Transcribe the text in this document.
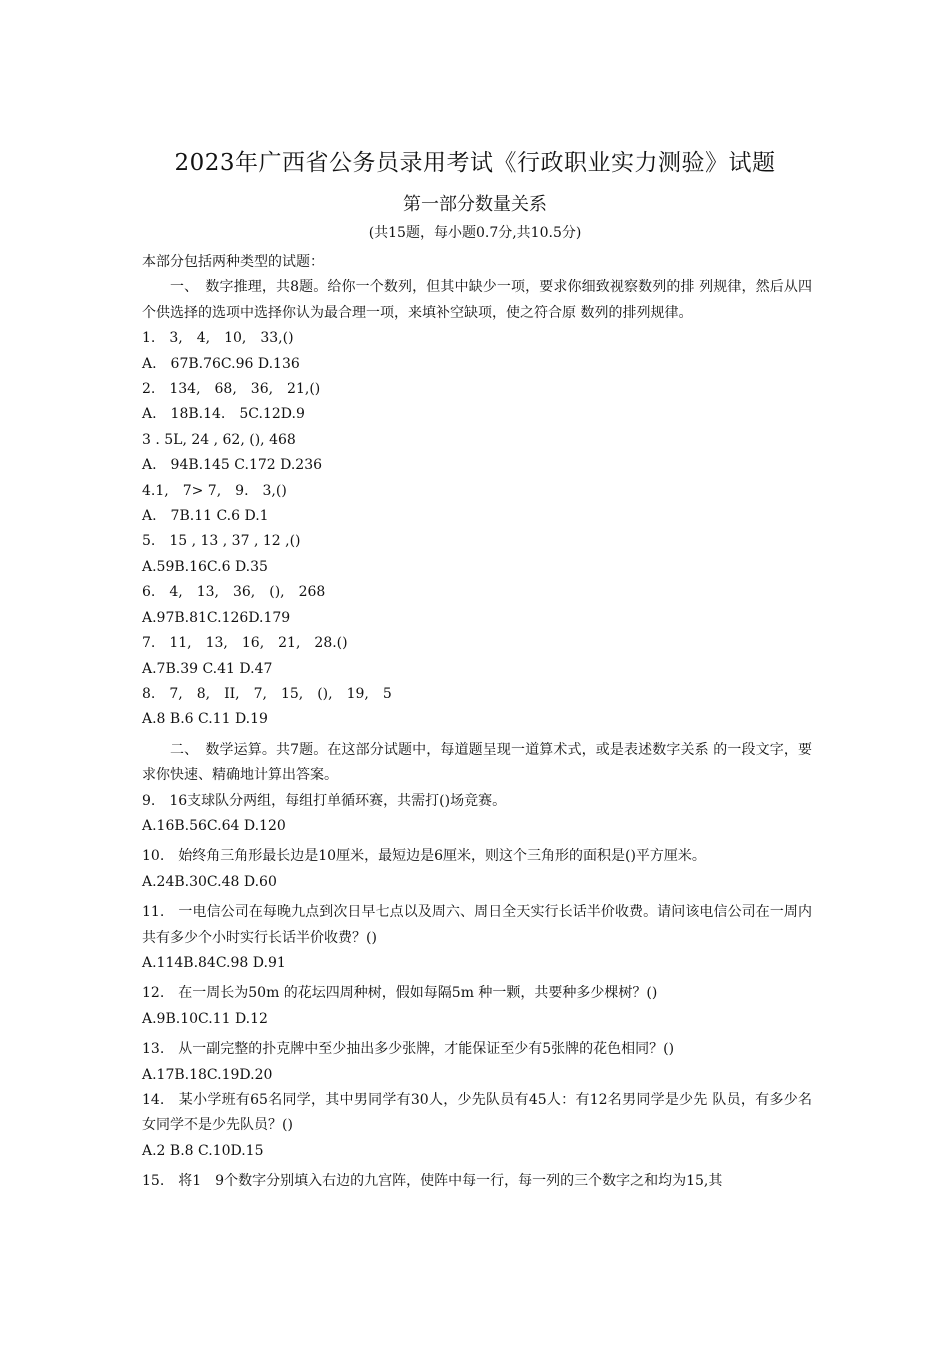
2023年广西省公务员录用考试《行政职业实力测验》试题
第一部分数量关系
(共15题，每小题0.7分,共10.5分)

本部分包括两种类型的试题：

一、　数字推理，共8题。给你一个数列，但其中缺少一项，要求你细致视察数列的排 列规律，然后从四个供选择的选项中选择你认为最合理一项，来填补空缺项，使之符合原 数列的排列规律。

1.　3,　4,　10,　33,()

A.　67B.76C.96 D.136

2.　134,　68,　36,　21,()

A.　18B.14.　5C.12D.9

3 . 5L, 24 , 62, (), 468

A.　94B.145 C.172 D.236

4.1,　7> 7,　9.　3,()

A.　7B.11 C.6 D.1

5.　15 , 13 , 37 , 12 ,()

A.59B.16C.6 D.35

6.　4,　13,　36,　(),　268

A.97B.81C.126D.179

7.　11,　13,　16,　21,　28.()

A.7B.39 C.41 D.47

8.　7,　8,　II,　7,　15,　(),　19,　5

A.8 B.6 C.11 D.19

二、　数学运算。共7题。在这部分试题中，每道题呈现一道算术式，或是表述数字关系 的一段文字，要求你快速、精确地计算出答案。

9.　16支球队分两组，每组打单循环赛，共需打()场竞赛。

A.16B.56C.64 D.120

10.　始终角三角形最长边是10厘米，最短边是6厘米，则这个三角形的面积是()平方厘米。

A.24B.30C.48 D.60

11.　一电信公司在每晚九点到次日早七点以及周六、周日全天实行长话半价收费。请问该电信公司在一周内共有多少个小时实行长话半价收费？()

A.114B.84C.98 D.91

12.　在一周长为50m 的花坛四周种树，假如每隔5m 种一颗，共要种多少棵树？()

A.9B.10C.11 D.12

13.　从一副完整的扑克牌中至少抽出多少张牌，才能保证至少有5张牌的花色相同？()

A.17B.18C.19D.20

14.　某小学班有65名同学，其中男同学有30人，少先队员有45人：有12名男同学是少先 队员，有多少名女同学不是少先队员？()

A.2 B.8 C.10D.15

15.　将1　9个数字分别填入右边的九宫阵，使阵中每一行，每一列的三个数字之和均为15,其
